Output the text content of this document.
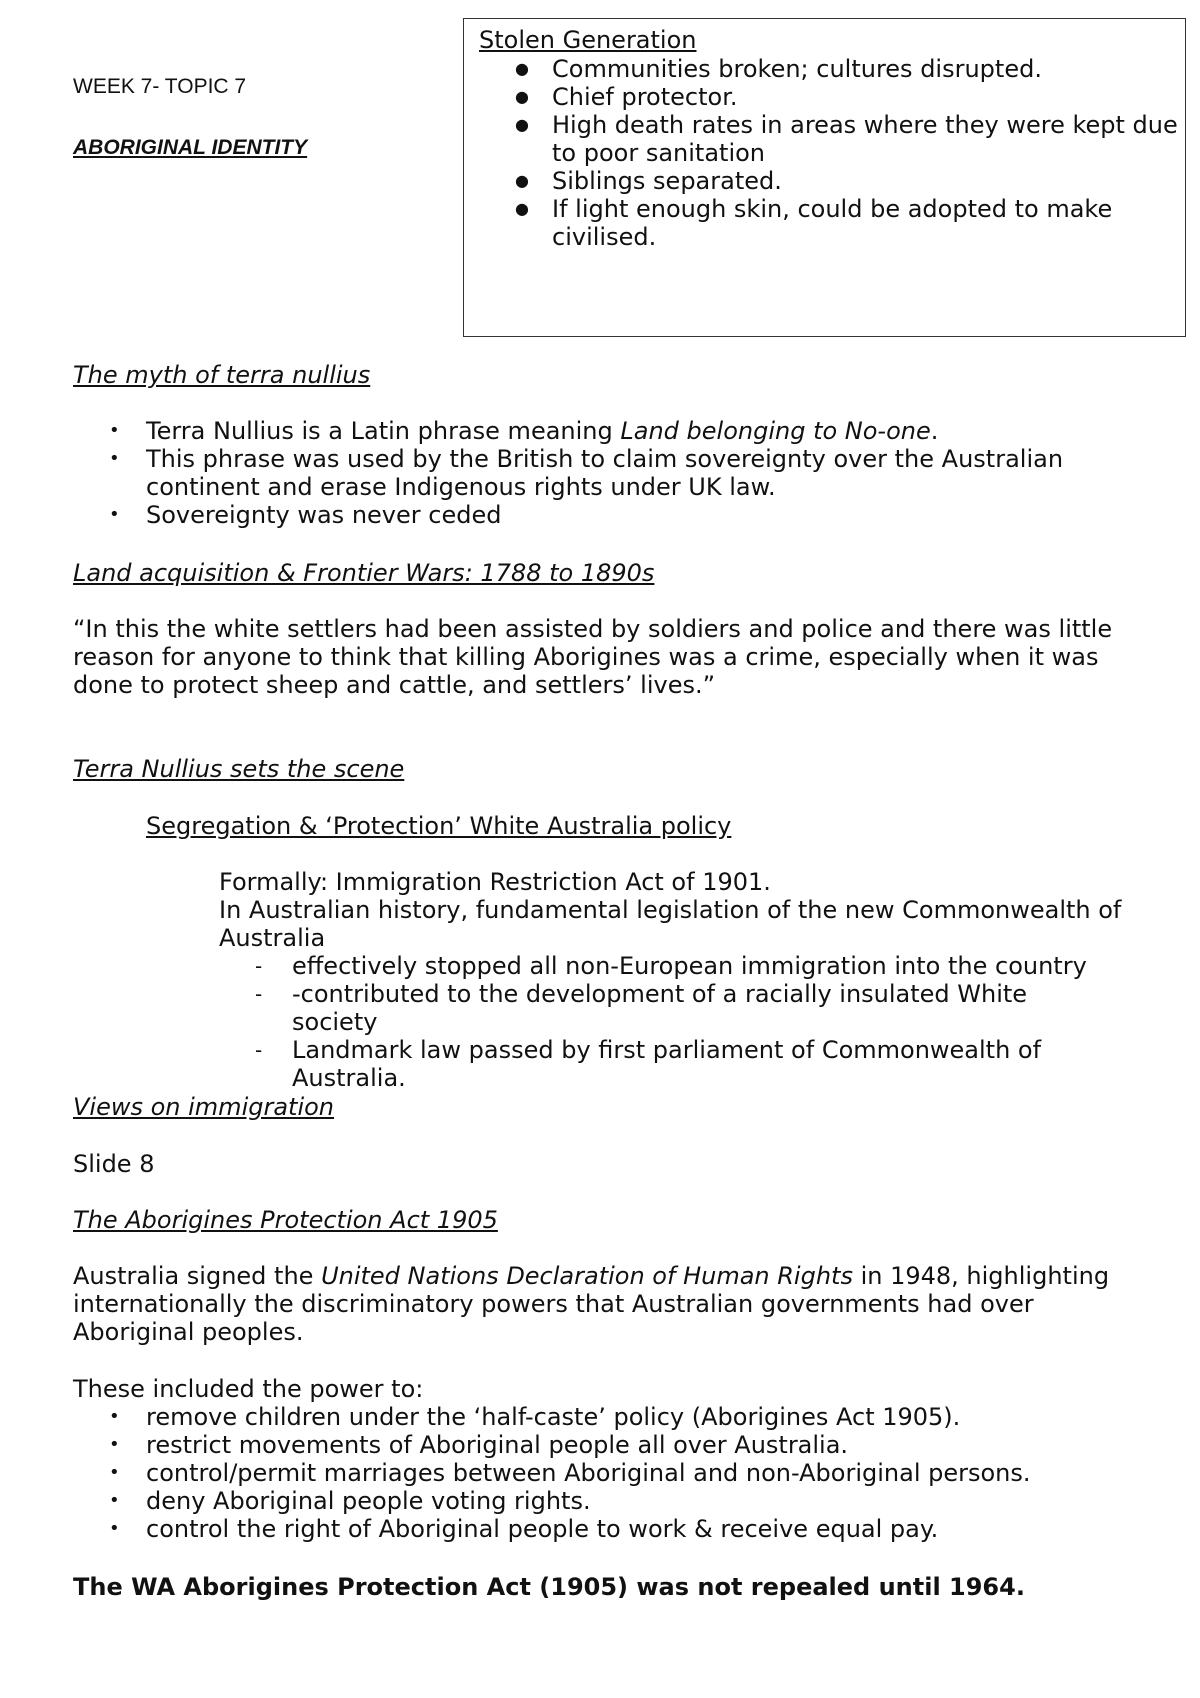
WEEK 7- TOPIC 7
ABORIGINAL IDENTITY
Stolen Generation
● Communities broken; cultures disrupted.
● Chief protector.
● High death rates in areas where they were kept due to poor sanitation
● Siblings separated.
● If light enough skin, could be adopted to make civilised.
The myth of terra nullius
• Terra Nullius is a Latin phrase meaning Land belonging to No-one.
• This phrase was used by the British to claim sovereignty over the Australian continent and erase Indigenous rights under UK law.
• Sovereignty was never ceded
Land acquisition & Frontier Wars: 1788 to 1890s
“In this the white settlers had been assisted by soldiers and police and there was little reason for anyone to think that killing Aborigines was a crime, especially when it was done to protect sheep and cattle, and settlers’ lives.”
Terra Nullius sets the scene
Segregation & ‘Protection’ White Australia policy
Formally: Immigration Restriction Act of 1901.
In Australian history, fundamental legislation of the new Commonwealth of Australia
- effectively stopped all non-European immigration into the country
- -contributed to the development of a racially insulated White society
- Landmark law passed by first parliament of Commonwealth of Australia.
Views on immigration
Slide 8
The Aborigines Protection Act 1905
Australia signed the United Nations Declaration of Human Rights in 1948, highlighting internationally the discriminatory powers that Australian governments had over Aboriginal peoples.
These included the power to:
• remove children under the ‘half-caste’ policy (Aborigines Act 1905).
• restrict movements of Aboriginal people all over Australia.
• control/permit marriages between Aboriginal and non-Aboriginal persons.
• deny Aboriginal people voting rights.
• control the right of Aboriginal people to work & receive equal pay.
The WA Aborigines Protection Act (1905) was not repealed until 1964.
